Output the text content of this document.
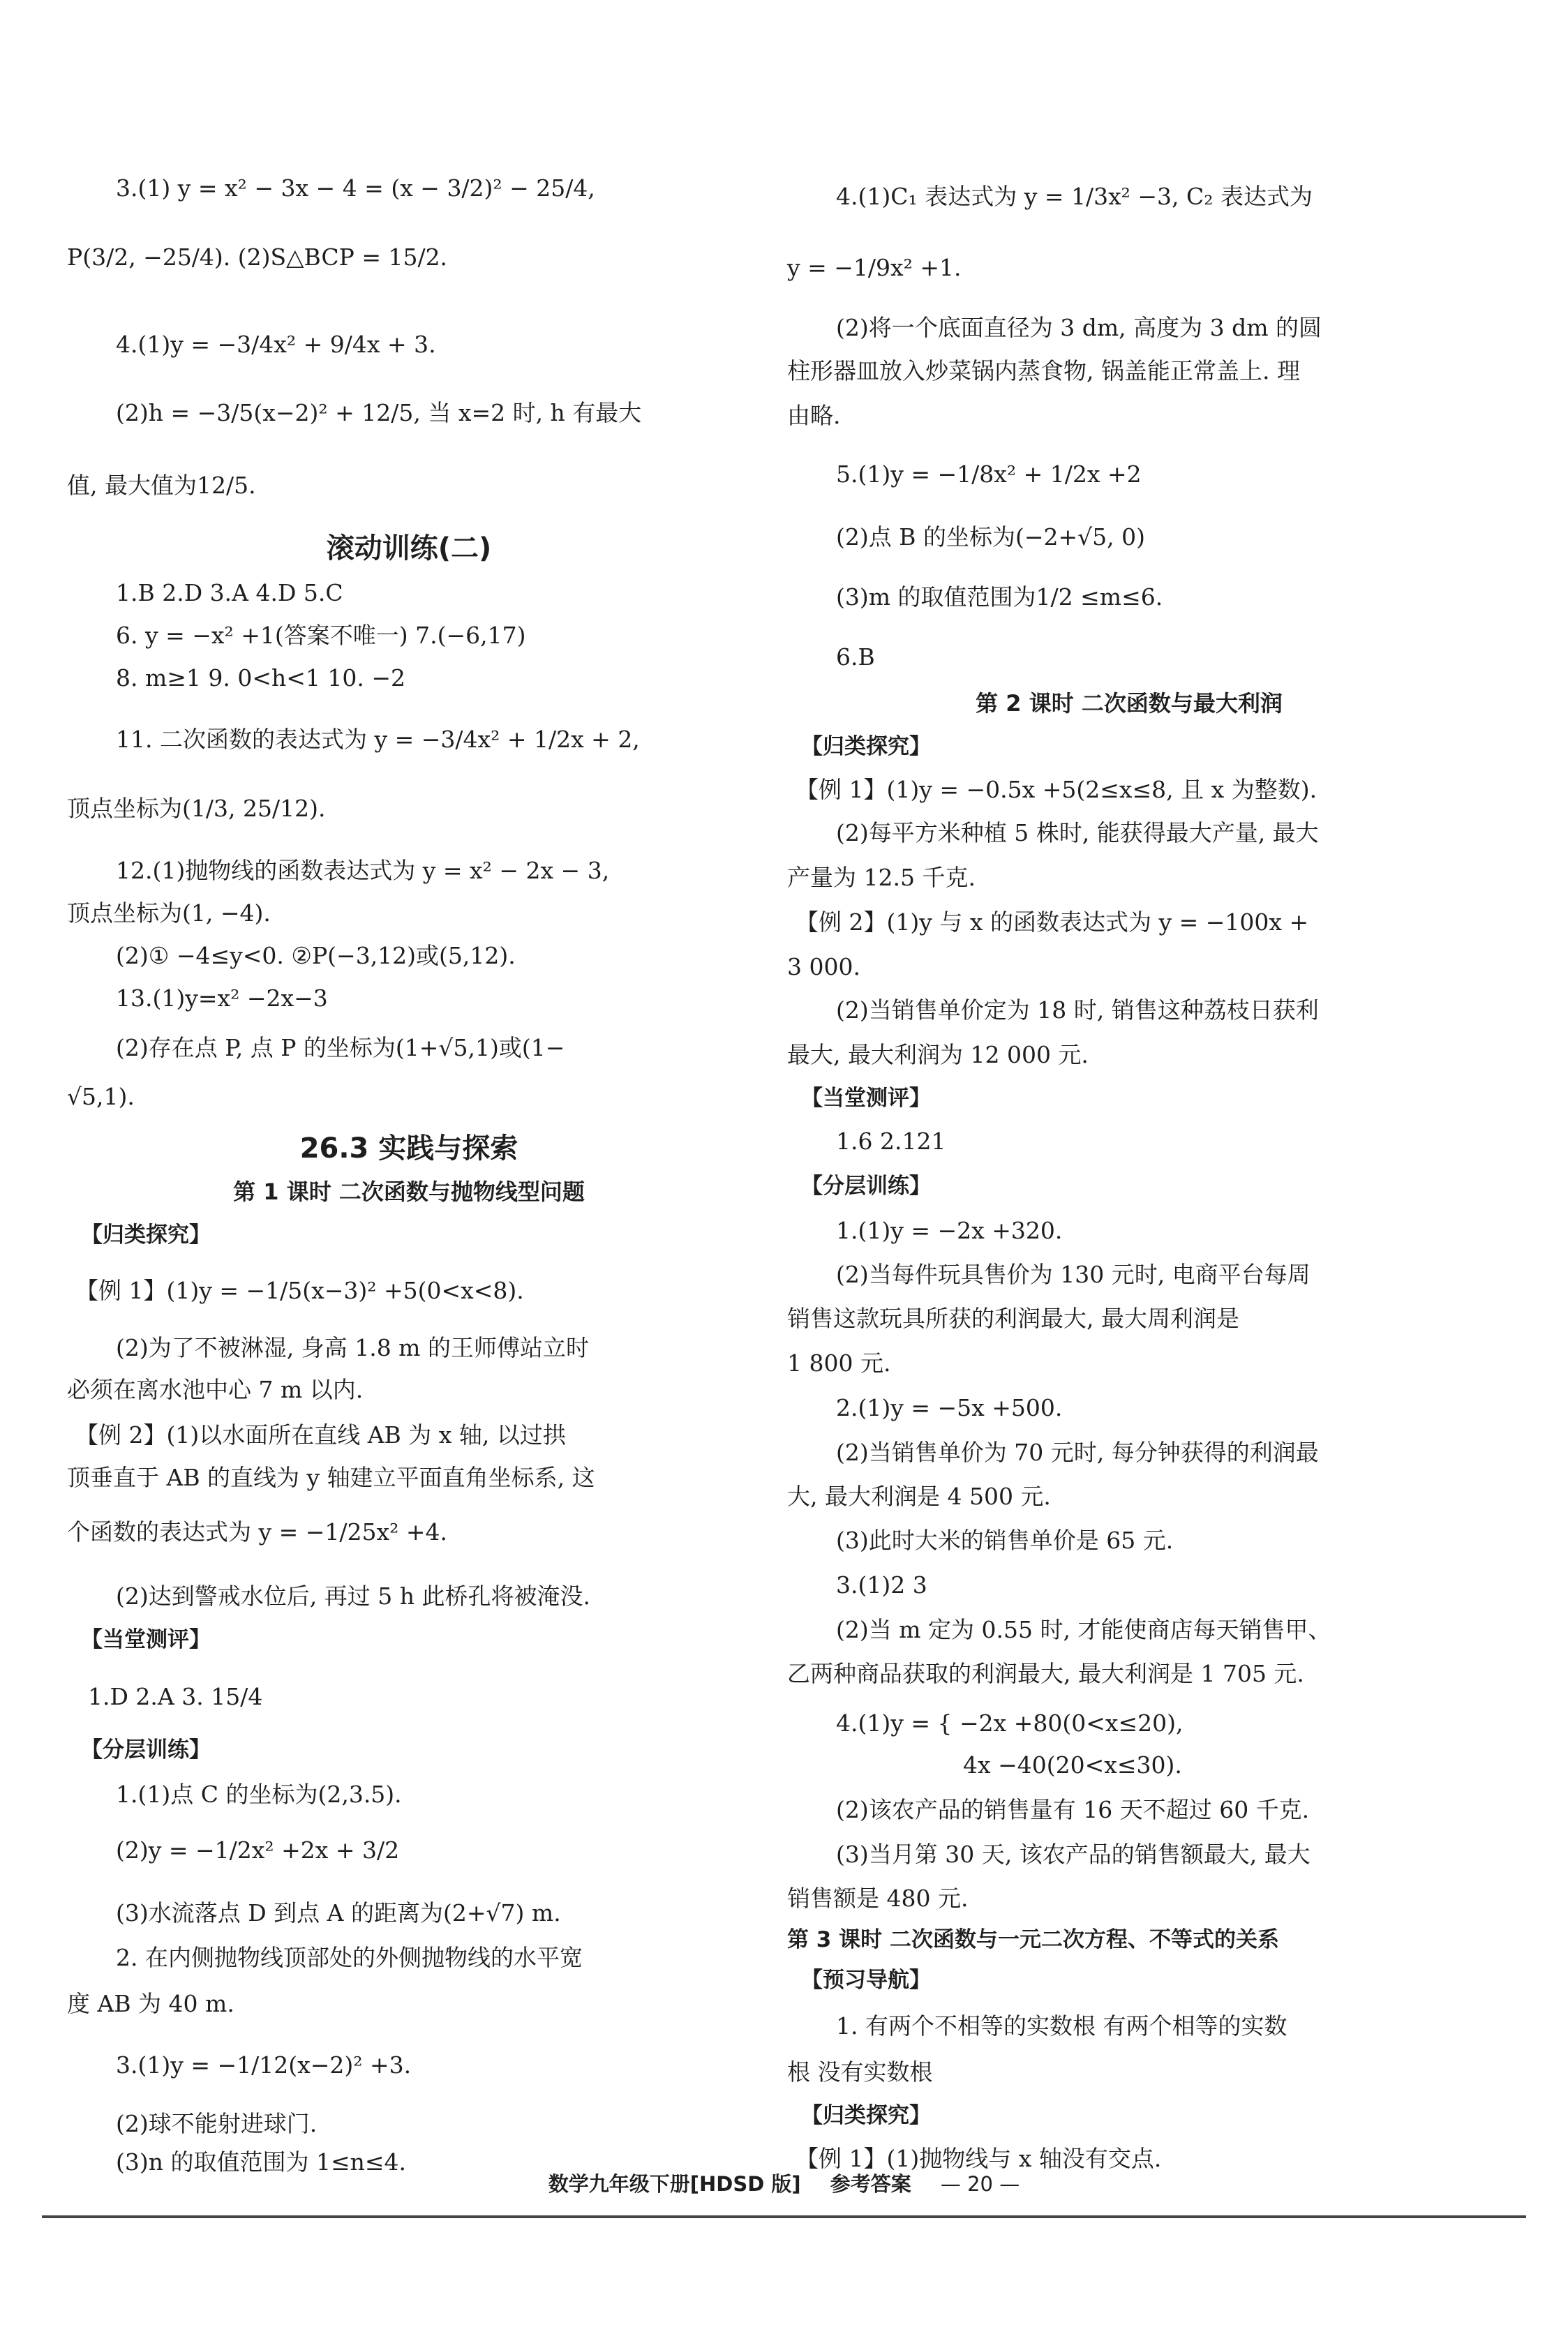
3.(1) y = x² − 3x − 4 = (x − 3/2)² − 25/4,
P(3/2, −25/4). (2)S△BCP = 15/2.
4.(1)y = −3/4x² + 9/4x + 3.
(2)h = −3/5(x−2)² + 12/5, 当 x=2 时, h 有最大
值, 最大值为12/5.
滚动训练(二)
1.B 2.D 3.A 4.D 5.C
6. y = −x² +1(答案不唯一) 7.(−6,17)
8. m≥1 9. 0<h<1 10. −2
11. 二次函数的表达式为 y = −3/4x² + 1/2x + 2,
顶点坐标为(1/3, 25/12).
12.(1)抛物线的函数表达式为 y = x² − 2x − 3,
顶点坐标为(1, −4).
(2)① −4≤y<0. ②P(−3,12)或(5,12).
13.(1)y=x² −2x−3
(2)存在点 P, 点 P 的坐标为(1+√5,1)或(1−
√5,1).
26.3 实践与探索
第 1 课时 二次函数与抛物线型问题
【归类探究】
【例 1】(1)y = −1/5(x−3)² +5(0<x<8).
(2)为了不被淋湿, 身高 1.8 m 的王师傅站立时
必须在离水池中心 7 m 以内.
【例 2】(1)以水面所在直线 AB 为 x 轴, 以过拱
顶垂直于 AB 的直线为 y 轴建立平面直角坐标系, 这
个函数的表达式为 y = −1/25x² +4.
(2)达到警戒水位后, 再过 5 h 此桥孔将被淹没.
【当堂测评】
1.D 2.A 3. 15/4
【分层训练】
1.(1)点 C 的坐标为(2,3.5).
(2)y = −1/2x² +2x + 3/2
(3)水流落点 D 到点 A 的距离为(2+√7) m.
2. 在内侧抛物线顶部处的外侧抛物线的水平宽
度 AB 为 40 m.
3.(1)y = −1/12(x−2)² +3.
(2)球不能射进球门.
(3)n 的取值范围为 1≤n≤4.
4.(1)C₁ 表达式为 y = 1/3x² −3, C₂ 表达式为
y = −1/9x² +1.
(2)将一个底面直径为 3 dm, 高度为 3 dm 的圆
柱形器皿放入炒菜锅内蒸食物, 锅盖能正常盖上. 理
由略.
5.(1)y = −1/8x² + 1/2x +2
(2)点 B 的坐标为(−2+√5, 0)
(3)m 的取值范围为1/2 ≤m≤6.
6.B
第 2 课时 二次函数与最大利润
【归类探究】
【例 1】(1)y = −0.5x +5(2≤x≤8, 且 x 为整数).
(2)每平方米种植 5 株时, 能获得最大产量, 最大
产量为 12.5 千克.
【例 2】(1)y 与 x 的函数表达式为 y = −100x +
3 000.
(2)当销售单价定为 18 时, 销售这种荔枝日获利
最大, 最大利润为 12 000 元.
【当堂测评】
1.6 2.121
【分层训练】
1.(1)y = −2x +320.
(2)当每件玩具售价为 130 元时, 电商平台每周
销售这款玩具所获的利润最大, 最大周利润是
1 800 元.
2.(1)y = −5x +500.
(2)当销售单价为 70 元时, 每分钟获得的利润最
大, 最大利润是 4 500 元.
(3)此时大米的销售单价是 65 元.
3.(1)2 3
(2)当 m 定为 0.55 时, 才能使商店每天销售甲、
乙两种商品获取的利润最大, 最大利润是 1 705 元.
4.(1)y = { −2x +80(0<x≤20),
4x −40(20<x≤30).
(2)该农产品的销售量有 16 天不超过 60 千克.
(3)当月第 30 天, 该农产品的销售额最大, 最大
销售额是 480 元.
第 3 课时 二次函数与一元二次方程、不等式的关系
【预习导航】
1. 有两个不相等的实数根 有两个相等的实数
根 没有实数根
【归类探究】
【例 1】(1)抛物线与 x 轴没有交点.
数学九年级下册[HDSD 版] 参考答案 — 20 —
